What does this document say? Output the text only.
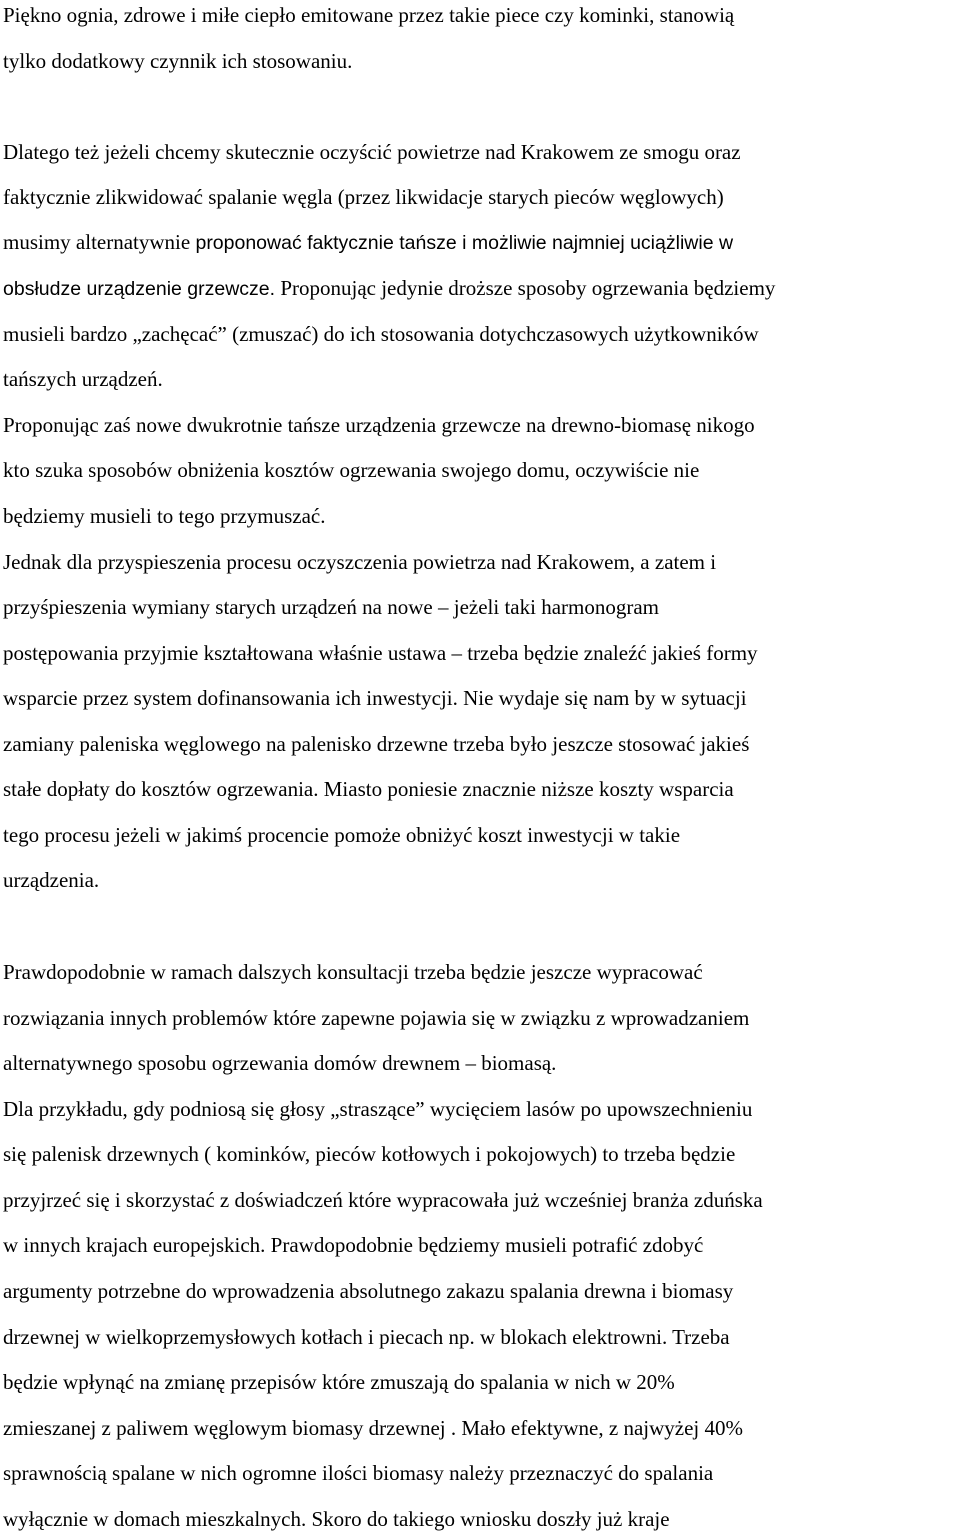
Piękno ognia, zdrowe i miłe ciepło emitowane przez takie piece czy kominki, stanowią
tylko dodatkowy czynnik ich stosowaniu.
Dlatego też jeżeli chcemy skutecznie oczyścić powietrze nad Krakowem ze smogu oraz
faktycznie zlikwidować spalanie węgla (przez likwidacje starych pieców węglowych)
musimy alternatywnie proponować faktycznie tańsze i możliwie najmniej uciążliwie w
obsłudze urządzenie grzewcze. Proponując jedynie droższe sposoby ogrzewania będziemy
musieli bardzo „zachęcać” (zmuszać) do ich stosowania dotychczasowych użytkowników
tańszych urządzeń.
Proponując zaś nowe dwukrotnie tańsze urządzenia grzewcze na drewno-biomasę nikogo
kto szuka sposobów obniżenia kosztów ogrzewania swojego domu, oczywiście nie
będziemy musieli to tego przymuszać.
Jednak dla przyspieszenia procesu oczyszczenia powietrza nad Krakowem, a zatem i
przyśpieszenia wymiany starych urządzeń na nowe – jeżeli taki harmonogram
postępowania przyjmie kształtowana właśnie ustawa – trzeba będzie znaleźć jakieś formy
wsparcie przez system dofinansowania ich inwestycji. Nie wydaje się nam by w sytuacji
zamiany paleniska węglowego na palenisko drzewne trzeba było jeszcze stosować jakieś
stałe dopłaty do kosztów ogrzewania. Miasto poniesie znacznie niższe koszty wsparcia
tego procesu jeżeli w jakimś procencie pomoże obniżyć koszt inwestycji w takie
urządzenia.
Prawdopodobnie w ramach dalszych konsultacji trzeba będzie jeszcze wypracować
rozwiązania innych problemów które zapewne pojawia się w związku z wprowadzaniem
alternatywnego sposobu ogrzewania domów drewnem – biomasą.
Dla przykładu, gdy podniosą się głosy „straszące” wycięciem lasów po upowszechnieniu
się palenisk drzewnych ( kominków, pieców kotłowych i pokojowych) to trzeba będzie
przyjrzeć się i skorzystać z doświadczeń które wypracowała już wcześniej branża zduńska
w innych krajach europejskich. Prawdopodobnie będziemy musieli potrafić zdobyć
argumenty potrzebne do wprowadzenia absolutnego zakazu spalania drewna i biomasy
drzewnej w wielkoprzemysłowych kotłach i piecach np. w blokach elektrowni. Trzeba
będzie wpłynąć na zmianę przepisów które zmuszają do spalania w nich w 20%
zmieszanej z paliwem węglowym biomasy drzewnej . Mało efektywne, z najwyżej 40%
sprawnością spalane w nich ogromne ilości biomasy należy przeznaczyć do spalania
wyłącznie w domach mieszkalnych. Skoro do takiego wniosku doszły już kraje
